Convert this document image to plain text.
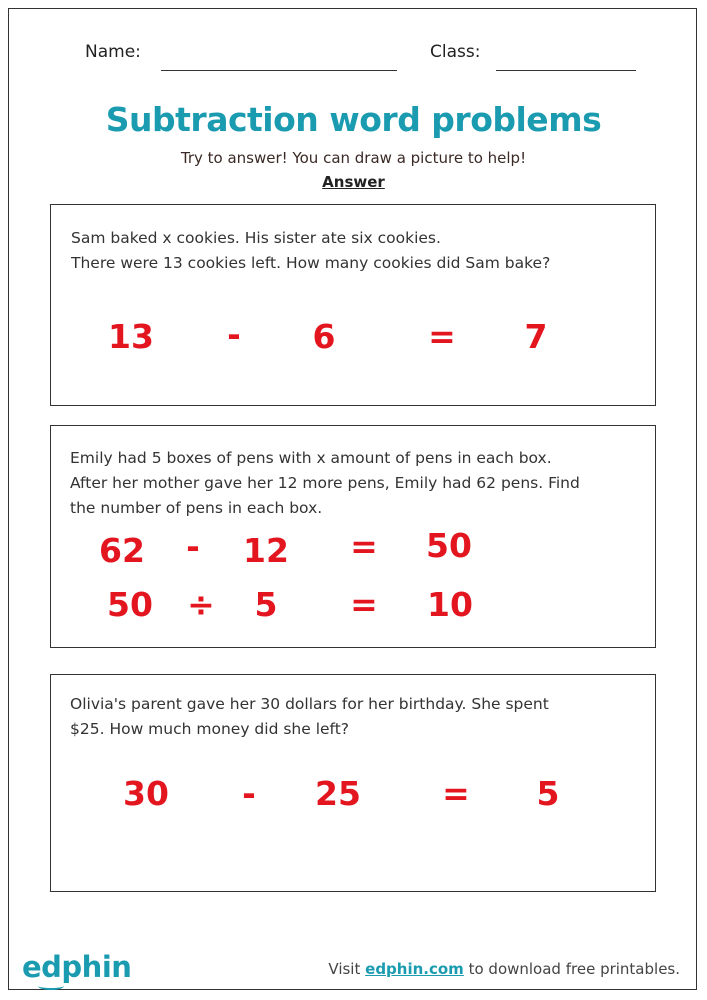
Name:	Class:
Subtraction word problems
Try to answer! You can draw a picture to help!
Answer
Sam baked x cookies. His sister ate six cookies.
There were 13 cookies left. How many cookies did Sam bake?
13 - 6	= 7
Emily had 5 boxes of pens with x amount of pens in each box.
After her mother gave her 12 more pens, Emily had 62 pens. Find
the number of pens in each box.
62 - 12 = 50
50 ÷ 5 = 10
Olivia's parent gave her 30 dollars for her birthday. She spent
$25. How much money did she left?
30 - 25 = 5
edphin	Visit edphin.com to download free printables.
